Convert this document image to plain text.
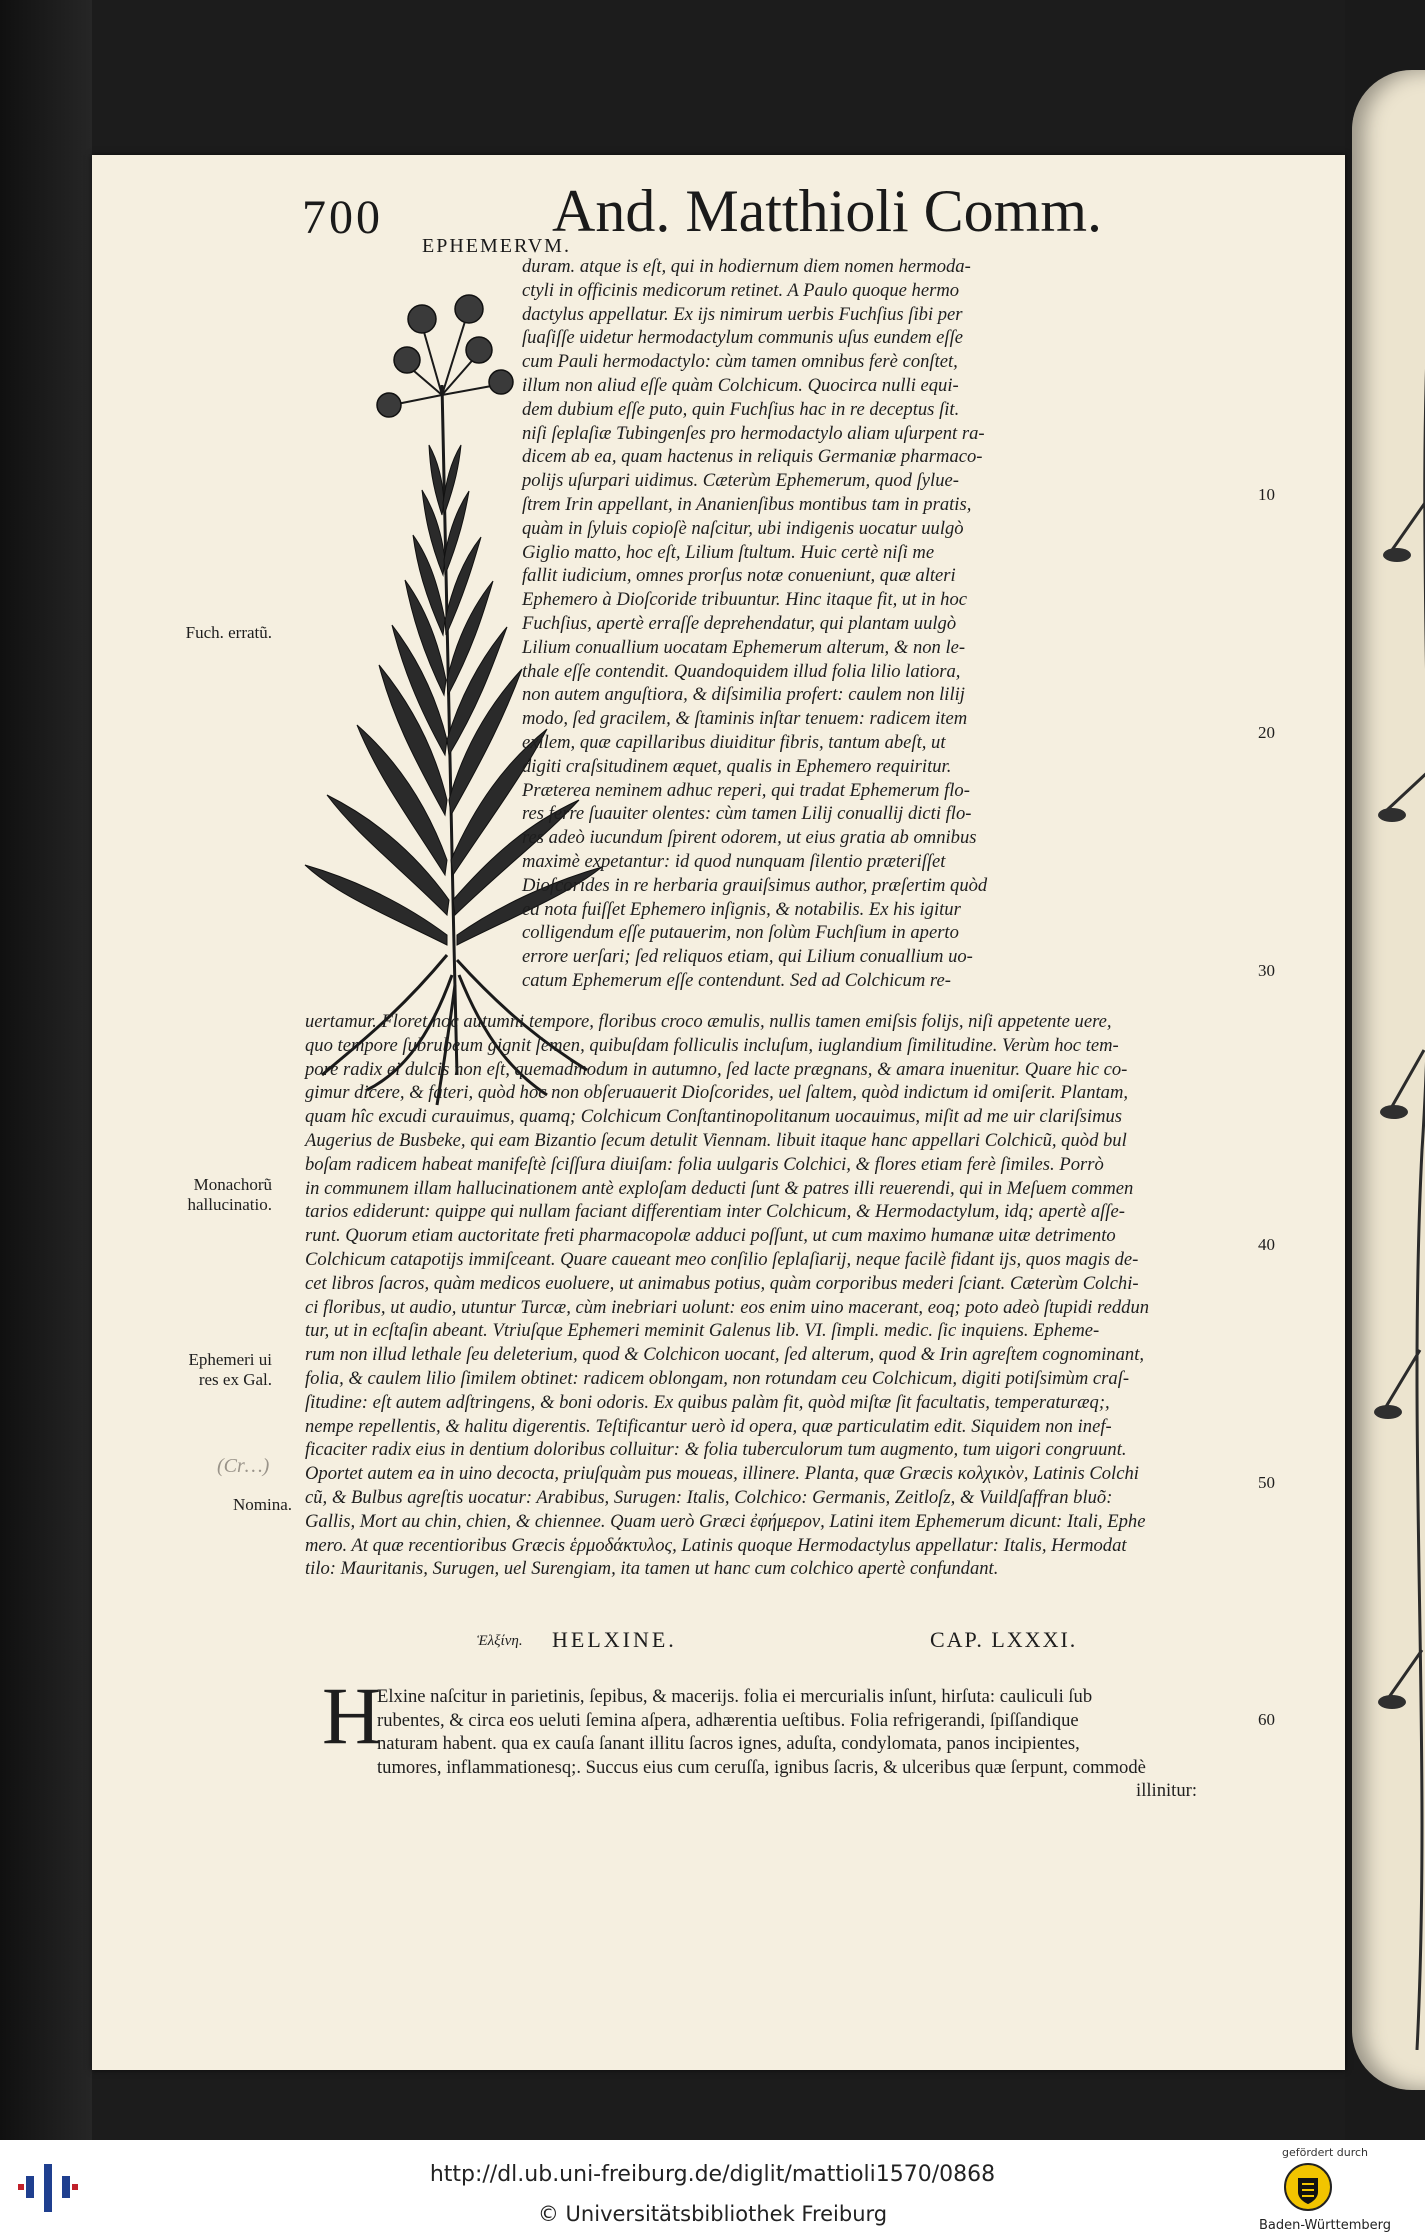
700	And. Matthioli Comm.
EPHEMERVM.
duram. atque is eſt, qui in hodiernum diem nomen hermoda-
ctyli in officinis medicorum retinet. A Paulo quoque hermo
dactylus appellatur. Ex ijs nimirum uerbis Fuchſius ſibi per
ſuaſiſſe uidetur hermodactylum communis uſus eundem eſſe
cum Pauli hermodactylo: cùm tamen omnibus ferè conſtet,
illum non aliud eſſe quàm Colchicum. Quocirca nulli equi-
dem dubium eſſe puto, quin Fuchſius hac in re deceptus ſit.
niſi ſeplaſiæ Tubingenſes pro hermodactylo aliam uſurpent ra-
dicem ab ea, quam hactenus in reliquis Germaniæ pharmaco-
polijs uſurpari uidimus. Cæterùm Ephemerum, quod ſylue-
ſtrem Irin appellant, in Ananienſibus montibus tam in pratis,
quàm in ſyluis copioſè naſcitur, ubi indigenis uocatur uulgò
Giglio matto, hoc eſt, Lilium ſtultum. Huic certè niſi me
fallit iudicium, omnes prorſus notæ conueniunt, quæ alteri
Ephemero à Dioſcoride tribuuntur. Hinc itaque fit, ut in hoc
Fuchſius, apertè erraſſe deprehendatur, qui plantam uulgò
Lilium conuallium uocatam Ephemerum alterum, & non le-
thale eſſe contendit. Quandoquidem illud folia lilio latiora,
non autem anguſtiora, & diſsimilia profert: caulem non lilij
modo, ſed gracilem, & ſtaminis inſtar tenuem: radicem item
exilem, quæ capillaribus diuiditur fibris, tantum abeſt, ut
digiti craſsitudinem æquet, qualis in Ephemero requiritur.
Præterea neminem adhuc reperi, qui tradat Ephemerum flo-
res ferre ſuauiter olentes: cùm tamen Lilij conuallij dicti flo-
res adeò iucundum ſpirent odorem, ut eius gratia ab omnibus
maximè expetantur: id quod nunquam ſilentio præteriſſet
Dioſcorides in re herbaria grauiſsimus author, præſertim quòd
ea nota fuiſſet Ephemero inſignis, & notabilis. Ex his igitur
colligendum eſſe putauerim, non ſolùm Fuchſium in aperto
errore uerſari; ſed reliquos etiam, qui Lilium conuallium uo-
catum Ephemerum eſſe contendunt. Sed ad Colchicum re-
uertamur. Floret hoc autumni tempore, floribus croco æmulis, nullis tamen emiſsis folijs, niſi appetente uere,
quo tempore ſubrubeum gignit ſemen, quibuſdam folliculis incluſum, iuglandium ſimilitudine. Verùm hoc tem-
pore radix ei dulcis non eſt, quemadmodum in autumno, ſed lacte prægnans, & amara inuenitur. Quare hic co-
gimur dicere, & fateri, quòd hoc non obſeruauerit Dioſcorides, uel ſaltem, quòd indictum id omiſerit. Plantam,
quam hîc excudi curauimus, quamq; Colchicum Conſtantinopolitanum uocauimus, miſit ad me uir clariſsimus
Augerius de Busbeke, qui eam Bizantio ſecum detulit Viennam. libuit itaque hanc appellari Colchicũ, quòd bul
boſam radicem habeat manifeſtè ſciſſura diuiſam: folia uulgaris Colchici, & flores etiam ferè ſimiles. Porrò
in communem illam hallucinationem antè exploſam deducti ſunt & patres illi reuerendi, qui in Meſuem commen
tarios ediderunt: quippe qui nullam faciant differentiam inter Colchicum, & Hermodactylum, idq; apertè aſſe-
runt. Quorum etiam auctoritate freti pharmacopolæ adduci poſſunt, ut cum maximo humanæ uitæ detrimento
Colchicum catapotijs immiſceant. Quare caueant meo conſilio ſeplaſiarij, neque facilè fidant ijs, quos magis de-
cet libros ſacros, quàm medicos euoluere, ut animabus potius, quàm corporibus mederi ſciant. Cæterùm Colchi-
ci floribus, ut audio, utuntur Turcæ, cùm inebriari uolunt: eos enim uino macerant, eoq; poto adeò ſtupidi reddun
tur, ut in ecſtaſin abeant. Vtriuſque Ephemeri meminit Galenus lib. VI. ſimpli. medic. ſic inquiens. Epheme-
rum non illud lethale ſeu deleterium, quod & Colchicon uocant, ſed alterum, quod & Irin agreſtem cognominant,
folia, & caulem lilio ſimilem obtinet: radicem oblongam, non rotundam ceu Colchicum, digiti potiſsimùm craſ-
ſitudine: eſt autem adſtringens, & boni odoris. Ex quibus palàm fit, quòd miſtæ ſit facultatis, temperaturæq;,
nempe repellentis, & halitu digerentis. Teſtificantur uerò id opera, quæ particulatim edit. Siquidem non inef-
ficaciter radix eius in dentium doloribus colluitur: & folia tuberculorum tum augmento, tum uigori congruunt.
Oportet autem ea in uino decocta, priuſquàm pus moueas, illinere. Planta, quæ Græcis κολχικὸν, Latinis Colchi
cũ, & Bulbus agreſtis uocatur: Arabibus, Surugen: Italis, Colchico: Germanis, Zeitloſz, & Vuildſaffran bluõ:
Gallis, Mort au chin, chien, & chiennee. Quam uerò Græci ἐφήμερον, Latini item Ephemerum dicunt: Itali, Ephe
mero. At quæ recentioribus Græcis ἑρμοδάκτυλος, Latinis quoque Hermodactylus appellatur: Italis, Hermodat
tilo: Mauritanis, Surugen, uel Surengiam, ita tamen ut hanc cum colchico apertè confundant.
Fuch. erratũ.
Monachorũ
hallucinatio.
Ephemeri ui
res ex Gal.
Nomina.
(Cr…)
10
20
30
40
50
60
Ἑλξίνη. HELXINE.	CAP. LXXXI.
H
Elxine naſcitur in parietinis, ſepibus, & macerijs. folia ei mercurialis inſunt, hirſuta: cauliculi ſub
rubentes, & circa eos ueluti ſemina aſpera, adhærentia ueſtibus. Folia refrigerandi, ſpiſſandique
naturam habent. qua ex cauſa ſanant illitu ſacros ignes, aduſta, condylomata, panos incipientes,
tumores, inflammationesq;. Succus eius cum ceruſſa, ignibus ſacris, & ulceribus quæ ſerpunt, commodè
illinitur:
http://dl.ub.uni-freiburg.de/diglit/mattioli1570/0868
© Universitätsbibliothek Freiburg
gefördert durch
Baden-Württemberg
